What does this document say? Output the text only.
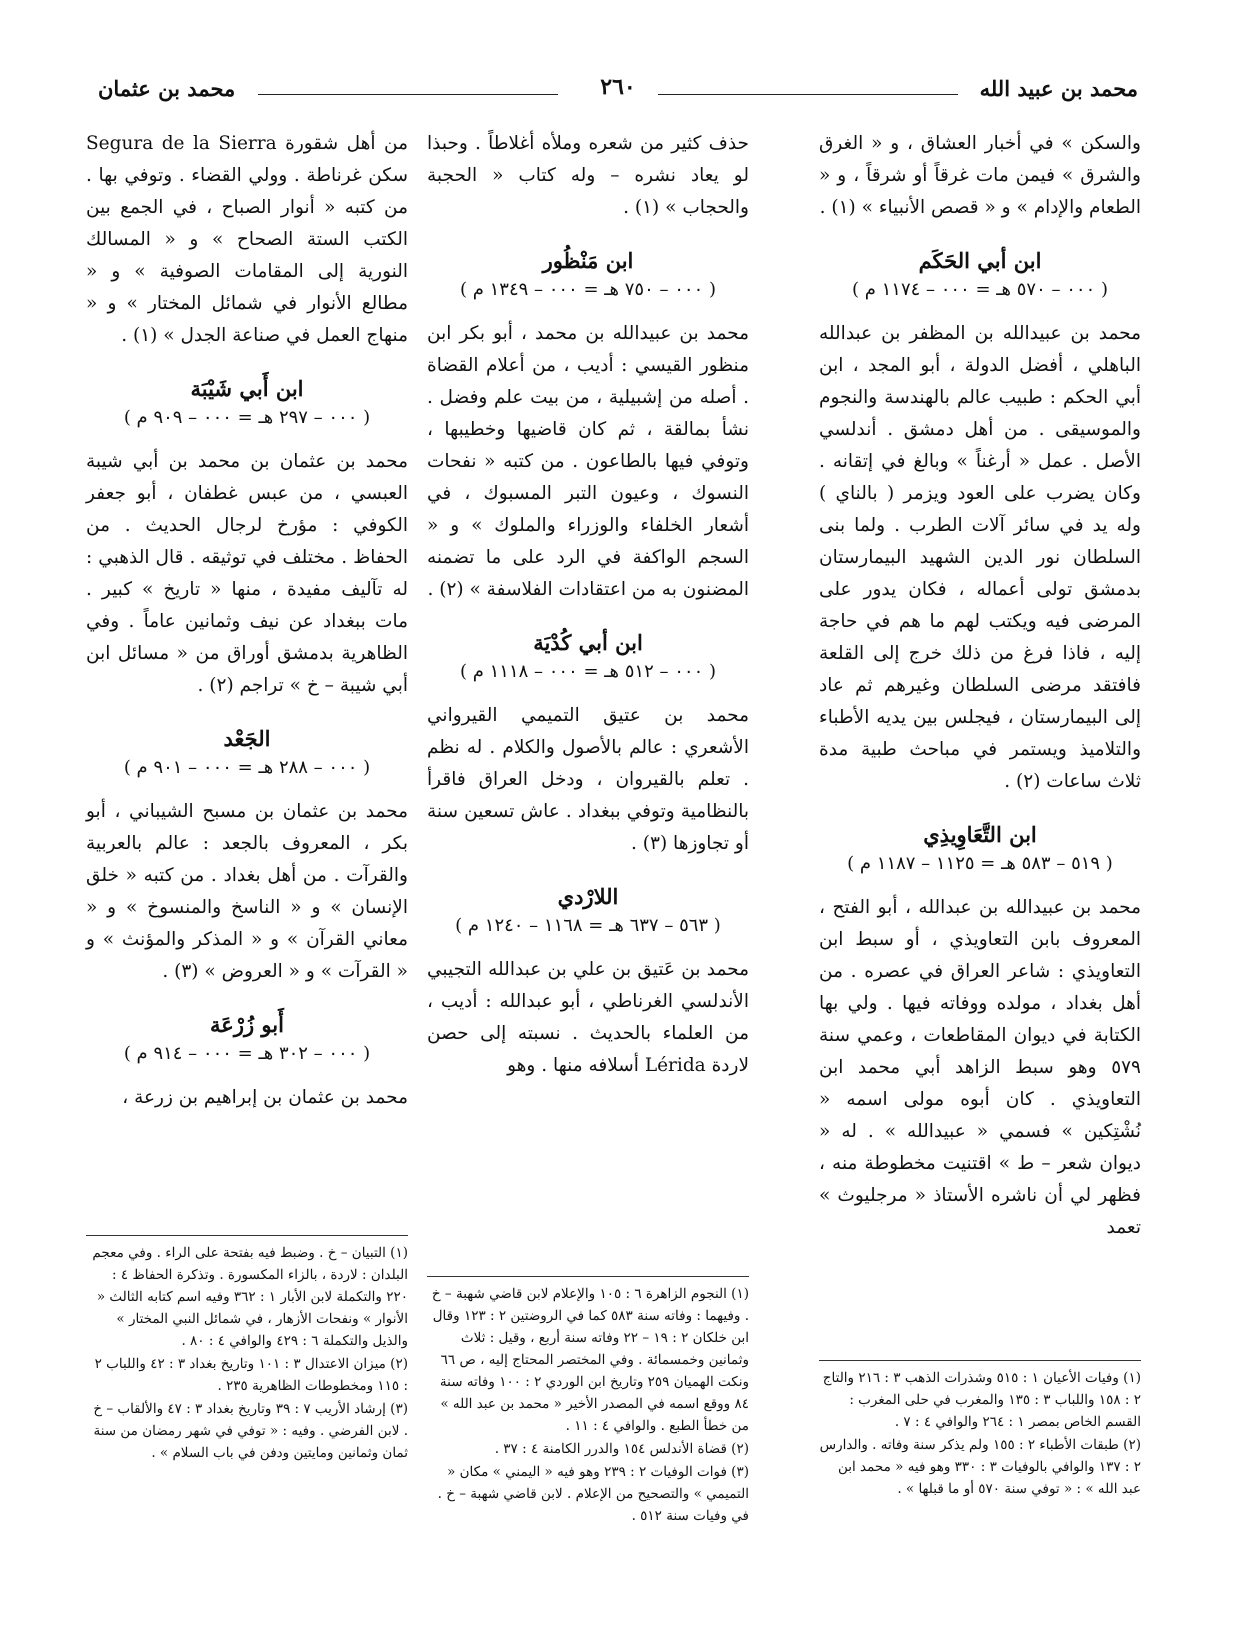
محمد بن عبيد الله
٢٦٠
محمد بن عثمان

والسكن » في أخبار العشاق ، و « الغرق والشرق » فيمن مات غرقاً أو شرقاً ، و « الطعام والإدام » و « قصص الأنبياء » (١) .

ابن أبي الحَكَم
( ٠٠٠ – ٥٧٠ هـ = ٠٠٠ – ١١٧٤ م )

محمد بن عبيدالله بن المظفر بن عبدالله الباهلي ، أفضل الدولة ، أبو المجد ، ابن أبي الحكم : طبيب عالم بالهندسة والنجوم والموسيقى . من أهل دمشق . أندلسي الأصل . عمل « أرغناً » وبالغ في إتقانه . وكان يضرب على العود ويزمر ( بالناي ) وله يد في سائر آلات الطرب . ولما بنى السلطان نور الدين الشهيد البيمارستان بدمشق تولى أعماله ، فكان يدور على المرضى فيه ويكتب لهم ما هم في حاجة إليه ، فاذا فرغ من ذلك خرج إلى القلعة فافتقد مرضى السلطان وغيرهم ثم عاد إلى البيمارستان ، فيجلس بين يديه الأطباء والتلاميذ ويستمر في مباحث طبية مدة ثلاث ساعات (٢) .

ابن التَّعَاوِيذِي
( ٥١٩ – ٥٨٣ هـ = ١١٢٥ – ١١٨٧ م )

محمد بن عبيدالله بن عبدالله ، أبو الفتح ، المعروف بابن التعاويذي ، أو سبط ابن التعاويذي : شاعر العراق في عصره . من أهل بغداد ، مولده ووفاته فيها . ولي بها الكتابة في ديوان المقاطعات ، وعمي سنة ٥٧٩ وهو سبط الزاهد أبي محمد ابن التعاويذي . كان أبوه مولى اسمه « نُشْتِكين » فسمي « عبيدالله » . له « ديوان شعر – ط » اقتنيت مخطوطة منه ، فظهر لي أن ناشره الأستاذ « مرجليوث » تعمد

حذف كثير من شعره وملأه أغلاطاً . وحبذا لو يعاد نشره – وله كتاب « الحجبة والحجاب » (١) .

ابن مَنْظُور
( ٠٠٠ – ٧٥٠ هـ = ٠٠٠ – ١٣٤٩ م )

محمد بن عبيدالله بن محمد ، أبو بكر ابن منظور القيسي : أديب ، من أعلام القضاة . أصله من إشبيلية ، من بيت علم وفضل . نشأ بمالقة ، ثم كان قاضيها وخطيبها ، وتوفي فيها بالطاعون . من كتبه « نفحات النسوك ، وعيون التبر المسبوك ، في أشعار الخلفاء والوزراء والملوك » و « السجم الواكفة في الرد على ما تضمنه المضنون به من اعتقادات الفلاسفة » (٢) .

ابن أبي كُدْيَة
( ٠٠٠ – ٥١٢ هـ = ٠٠٠ – ١١١٨ م )

محمد بن عتيق التميمي القيرواني الأشعري : عالم بالأصول والكلام . له نظم . تعلم بالقيروان ، ودخل العراق فاقرأ بالنظامية وتوفي ببغداد . عاش تسعين سنة أو تجاوزها (٣) .

اللارْدي
( ٥٦٣ – ٦٣٧ هـ = ١١٦٨ – ١٢٤٠ م )

محمد بن عَتيق بن علي بن عبدالله التجيبي الأندلسي الغرناطي ، أبو عبدالله : أديب ، من العلماء بالحديث . نسبته إلى حصن لاردة Lérida أسلافه منها . وهو

من أهل شقورة Segura de la Sierra سكن غرناطة . وولي القضاء . وتوفي بها . من كتبه « أنوار الصباح ، في الجمع بين الكتب الستة الصحاح » و « المسالك النورية إلى المقامات الصوفية » و « مطالع الأنوار في شمائل المختار » و « منهاج العمل في صناعة الجدل » (١) .

ابن أَبي شَيْبَة
( ٠٠٠ – ٢٩٧ هـ = ٠٠٠ – ٩٠٩ م )

محمد بن عثمان بن محمد بن أبي شيبة العبسي ، من عبس غطفان ، أبو جعفر الكوفي : مؤرخ لرجال الحديث . من الحفاظ . مختلف في توثيقه . قال الذهبي : له تآليف مفيدة ، منها « تاريخ » كبير . مات ببغداد عن نيف وثمانين عاماً . وفي الظاهرية بدمشق أوراق من « مسائل ابن أبي شيبة – خ » تراجم (٢) .

الجَعْد
( ٠٠٠ – ٢٨٨ هـ = ٠٠٠ – ٩٠١ م )

محمد بن عثمان بن مسبح الشيباني ، أبو بكر ، المعروف بالجعد : عالم بالعربية والقرآت . من أهل بغداد . من كتبه « خلق الإنسان » و « الناسخ والمنسوخ » و « معاني القرآن » و « المذكر والمؤنث » و « القرآت » و « العروض » (٣) .

أَبو زُرْعَة
( ٠٠٠ – ٣٠٢ هـ = ٠٠٠ – ٩١٤ م )

محمد بن عثمان بن إبراهيم بن زرعة ،

(١) وفيات الأعيان ١ : ٥١٥ وشذرات الذهب ٣ : ٢١٦ والتاج ٢ : ١٥٨ واللباب ٣ : ١٣٥ والمغرب في حلى المغرب : القسم الخاص بمصر ١ : ٢٦٤ والوافي ٤ : ٧ .
(٢) طبقات الأطباء ٢ : ١٥٥ ولم يذكر سنة وفاته . والدارس ٢ : ١٣٧ والوافي بالوفيات ٣ : ٣٣٠ وهو فيه « محمد ابن عبد الله » : « توفي سنة ٥٧٠ أو ما قبلها » .
(١) النجوم الزاهرة ٦ : ١٠٥ والإعلام لابن قاضي شهبة – خ . وفيهما : وفاته سنة ٥٨٣ كما في الروضتين ٢ : ١٢٣ وقال ابن خلكان ٢ : ١٩ – ٢٢ وفاته سنة أربع ، وقيل : ثلاث وثمانين وخمسمائة . وفي المختصر المحتاج إليه ، ص ٦٦ ونكت الهميان ٢٥٩ وتاريخ ابن الوردي ٢ : ١٠٠ وفاته سنة ٨٤ ووقع اسمه في المصدر الأخير « محمد بن عبد الله » من خطأ الطبع . والوافي ٤ : ١١ .
(٢) قضاة الأندلس ١٥٤ والدرر الكامنة ٤ : ٣٧ .
(٣) فوات الوفيات ٢ : ٢٣٩ وهو فيه « اليمني » مكان « التميمي » والتصحيح من الإعلام . لابن قاضي شهبة – خ . في وفيات سنة ٥١٢ .
(١) التبيان – خ . وضبط فيه بفتحة على الراء . وفي معجم البلدان : لاردة ، بالزاء المكسورة . وتذكرة الحفاظ ٤ : ٢٢٠ والتكملة لابن الأبار ١ : ٣٦٢ وفيه اسم كتابه الثالث « الأنوار » ونفحات الأزهار ، في شمائل النبي المختار » والذيل والتكملة ٦ : ٤٢٩ والوافي ٤ : ٨٠ .
(٢) ميزان الاعتدال ٣ : ١٠١ وتاريخ بغداد ٣ : ٤٢ واللباب ٢ : ١١٥ ومخطوطات الظاهرية ٢٣٥ .
(٣) إرشاد الأريب ٧ : ٣٩ وتاريخ بغداد ٣ : ٤٧ والألقاب – خ . لابن الفرضي . وفيه : « توفي في شهر رمضان من سنة ثمان وثمانين ومايتين ودفن في باب السلام » .
